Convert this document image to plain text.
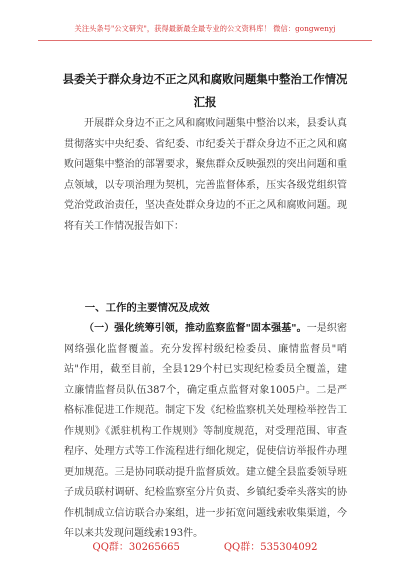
关注头条号"公文研究"，获得最新最全最专业的公文资料库！ 微信：gongwenyj
县委关于群众身边不正之风和腐败问题集中整治工作情况
汇报
开展群众身边不正之风和腐败问题集中整治以来，县委认真贯彻落实中央纪委、省纪委、市纪委关于群众身边不正之风和腐败问题集中整治的部署要求，聚焦群众反映强烈的突出问题和重点领域，以专项治理为契机，完善监督体系，压实各级党组织管党治党政治责任，坚决查处群众身边的不正之风和腐败问题。现将有关工作情况报告如下：
一、工作的主要情况及成效
（一）强化统筹引领，推动监察监督"固本强基"。一是织密网络强化监督覆盖。充分发挥村级纪检委员、廉情监督员"哨站"作用，截至目前，全县129个村已实现纪检委员全覆盖，建立廉情监督员队伍387个，确定重点监督对象1005户。二是严格标准促进工作规范。制定下发《纪检监察机关处理检举控告工作规则》《派驻机构工作规则》等制度规范，对受理范围、审查程序、处理方式等工作流程进行细化规定，促使信访举报件办理更加规范。三是协同联动提升监督质效。建立健全县监委领导班子成员联村调研、纪检监察室分片负责、乡镇纪委牵头落实的协作机制成立信访联合办案组，进一步拓宽问题线索收集渠道，今年以来共发现问题线索193件。
QQ群：30265665	QQ群：535304092
